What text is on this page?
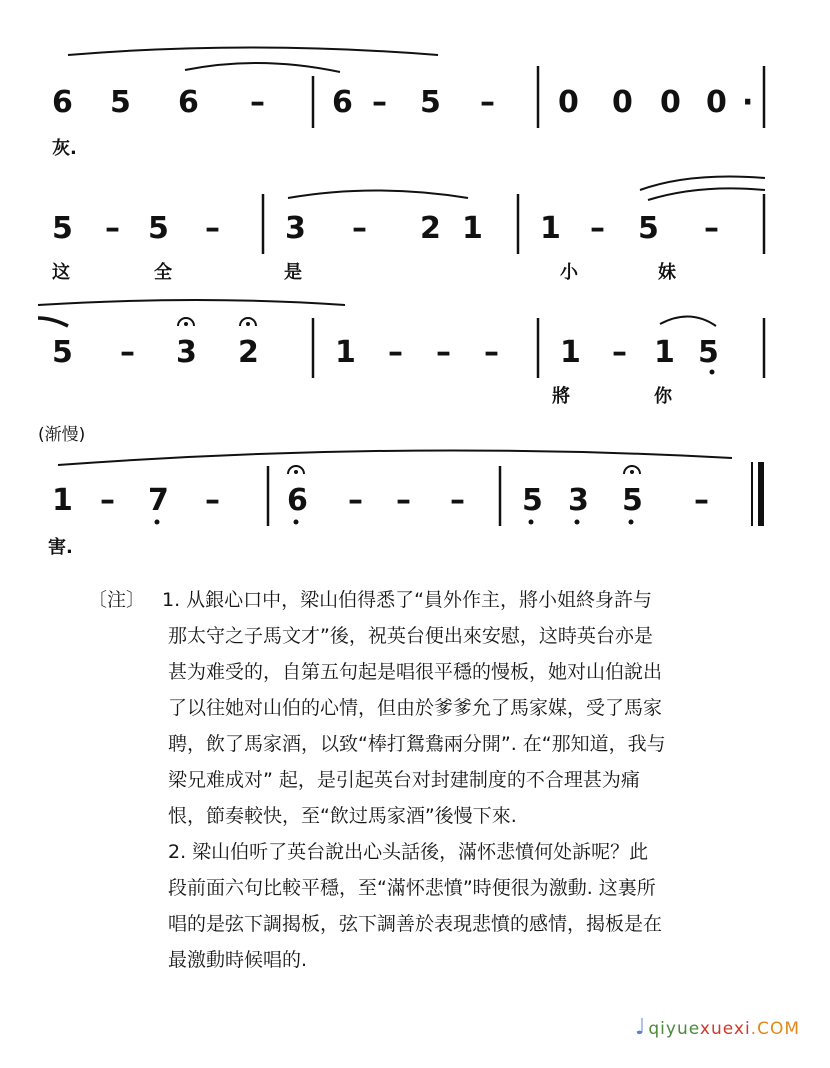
6 5 6 – 6 – 5 – 0 0 0 0 ·
灰.
5 – 5 – 3 – 2 1 1 – 5 –
这	全	是	小	妹
5 – 3 2	1 – – – 1 – 1 5
將	你
(渐慢)
1 – 7 – 6 – – – 5 3 5 –
害.
〔注〕 1. 从銀心口中，梁山伯得悉了“員外作主，將小姐終身許与
那太守之子馬文才”後，祝英台便出來安慰，这時英台亦是
甚为难受的，自第五句起是唱很平穩的慢板，她对山伯說出
了以往她对山伯的心情，但由於爹爹允了馬家媒，受了馬家
聘，飲了馬家酒，以致“棒打鴛鴦兩分開”. 在“那知道，我与
梁兄难成对” 起，是引起英台对封建制度的不合理甚为痛
恨，節奏較快，至“飲过馬家酒”後慢下來.
2. 梁山伯听了英台說出心头話後，滿怀悲憤何处訴呢？此
段前面六句比較平穩，至“滿怀悲憤”時便很为激動. 这裏所
唱的是弦下調揭板，弦下調善於表現悲憤的感情，揭板是在
最激動時候唱的.
♩ qiyuexuexi.COM
